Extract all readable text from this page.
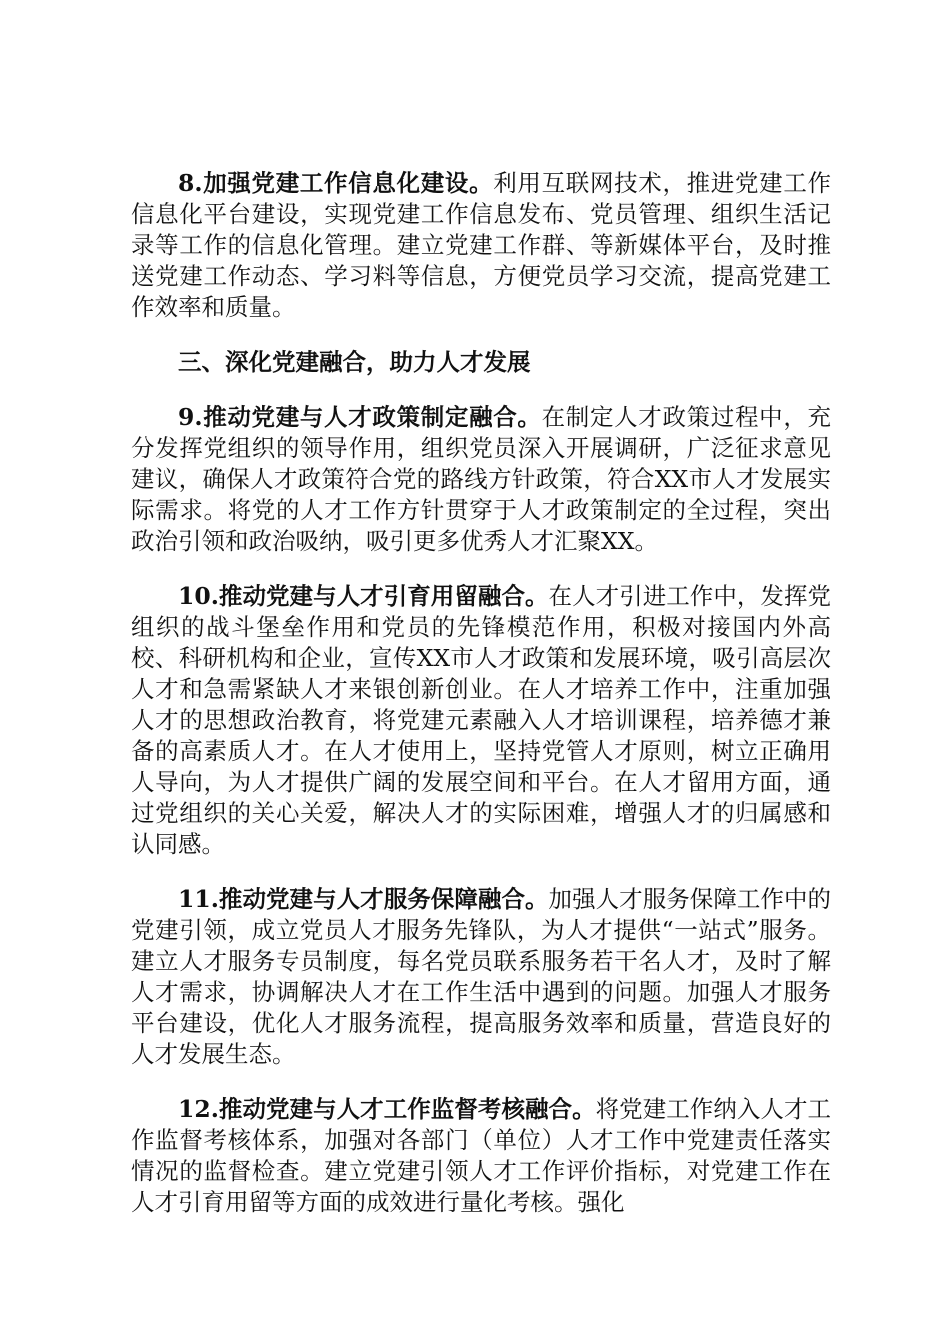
8.加强党建工作信息化建设。利用互联网技术，推进党建工作信息化平台建设，实现党建工作信息发布、党员管理、组织生活记录等工作的信息化管理。建立党建工作群、等新媒体平台，及时推送党建工作动态、学习料等信息，方便党员学习交流，提高党建工作效率和质量。

三、深化党建融合，助力人才发展

9.推动党建与人才政策制定融合。在制定人才政策过程中，充分发挥党组织的领导作用，组织党员深入开展调研，广泛征求意见建议，确保人才政策符合党的路线方针政策，符合XX市人才发展实际需求。将党的人才工作方针贯穿于人才政策制定的全过程，突出政治引领和政治吸纳，吸引更多优秀人才汇聚XX。

10.推动党建与人才引育用留融合。在人才引进工作中，发挥党组织的战斗堡垒作用和党员的先锋模范作用，积极对接国内外高校、科研机构和企业，宣传XX市人才政策和发展环境，吸引高层次人才和急需紧缺人才来银创新创业。在人才培养工作中，注重加强人才的思想政治教育，将党建元素融入人才培训课程，培养德才兼备的高素质人才。在人才使用上，坚持党管人才原则，树立正确用人导向，为人才提供广阔的发展空间和平台。在人才留用方面，通过党组织的关心关爱，解决人才的实际困难，增强人才的归属感和认同感。

11.推动党建与人才服务保障融合。加强人才服务保障工作中的党建引领，成立党员人才服务先锋队，为人才提供“一站式”服务。建立人才服务专员制度，每名党员联系服务若干名人才，及时了解人才需求，协调解决人才在工作生活中遇到的问题。加强人才服务平台建设，优化人才服务流程，提高服务效率和质量，营造良好的人才发展生态。

12.推动党建与人才工作监督考核融合。将党建工作纳入人才工作监督考核体系，加强对各部门（单位）人才工作中党建责任落实情况的监督检查。建立党建引领人才工作评价指标，对党建工作在人才引育用留等方面的成效进行量化考核。强化
